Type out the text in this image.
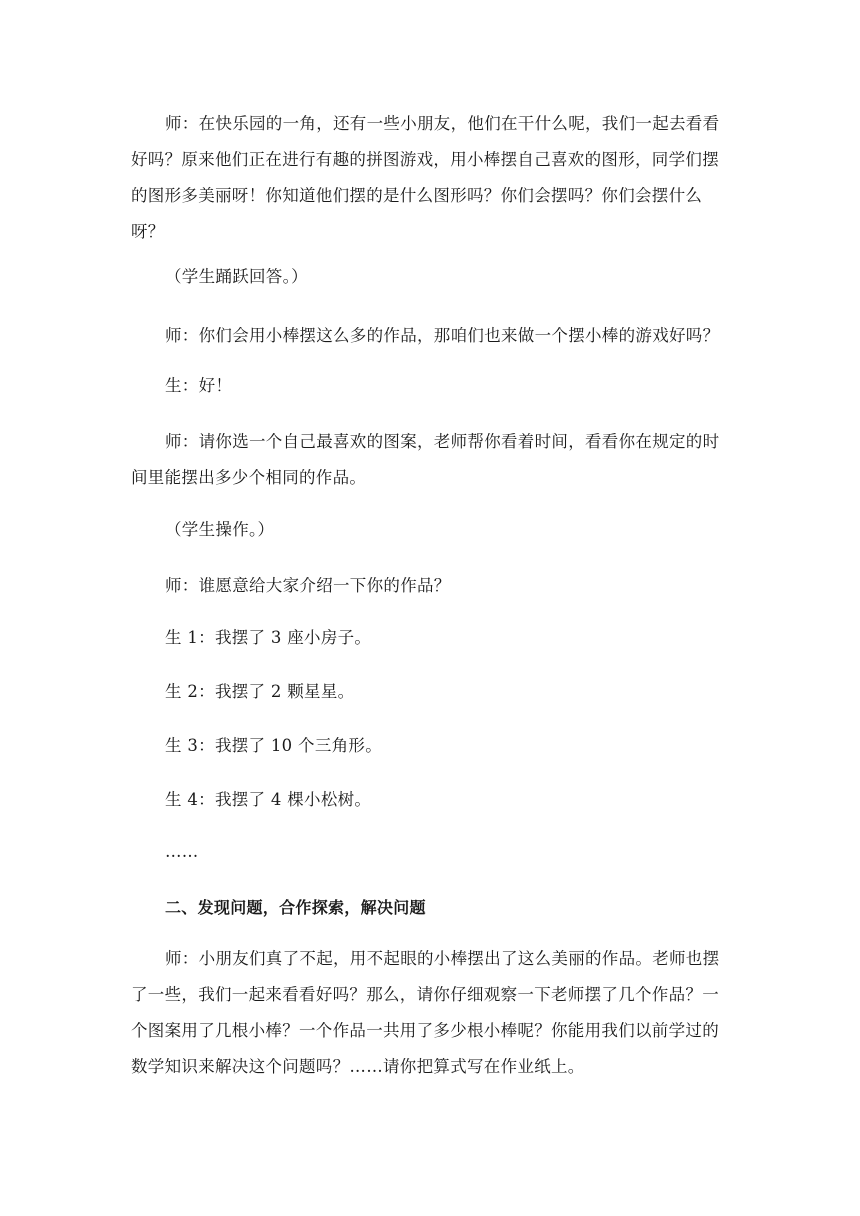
师：在快乐园的一角，还有一些小朋友，他们在干什么呢，我们一起去看看好吗？原来他们正在进行有趣的拼图游戏，用小棒摆自己喜欢的图形，同学们摆的图形多美丽呀！你知道他们摆的是什么图形吗？你们会摆吗？你们会摆什么呀？

（学生踊跃回答。）

师：你们会用小棒摆这么多的作品，那咱们也来做一个摆小棒的游戏好吗？

生：好！

师：请你选一个自己最喜欢的图案，老师帮你看着时间，看看你在规定的时间里能摆出多少个相同的作品。

（学生操作。）

师：谁愿意给大家介绍一下你的作品？

生 1：我摆了 3 座小房子。

生 2：我摆了 2 颗星星。

生 3：我摆了 10 个三角形。

生 4：我摆了 4 棵小松树。

……

二、发现问题，合作探索，解决问题

师：小朋友们真了不起，用不起眼的小棒摆出了这么美丽的作品。老师也摆了一些，我们一起来看看好吗？那么，请你仔细观察一下老师摆了几个作品？一个图案用了几根小棒？一个作品一共用了多少根小棒呢？你能用我们以前学过的数学知识来解决这个问题吗？……请你把算式写在作业纸上。
